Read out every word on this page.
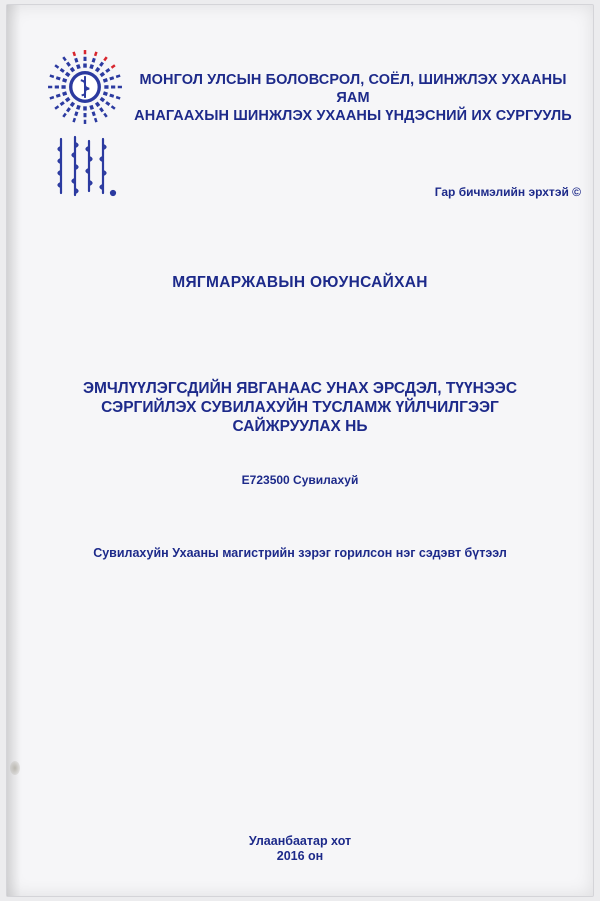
МОНГОЛ УЛСЫН БОЛОВСРОЛ, СОЁЛ, ШИНЖЛЭХ УХААНЫ ЯАМ
АНАГААХЫН ШИНЖЛЭХ УХААНЫ ҮНДЭСНИЙ ИХ СУРГУУЛЬ
Гар бичмэлийн эрхтэй ©
МЯГМАРЖАВЫН ОЮУНСАЙХАН
ЭМЧЛҮҮЛЭГСДИЙН ЯВГАНААС УНАХ ЭРСДЭЛ, ТҮҮНЭЭС
СЭРГИЙЛЭХ СУВИЛАХУЙН ТУСЛАМЖ ҮЙЛЧИЛГЭЭГ
САЙЖРУУЛАХ НЬ
E723500 Сувилахуй
Сувилахуйн Ухааны магистрийн зэрэг горилсон нэг сэдэвт бүтээл
Улаанбаатар хот
2016 он
